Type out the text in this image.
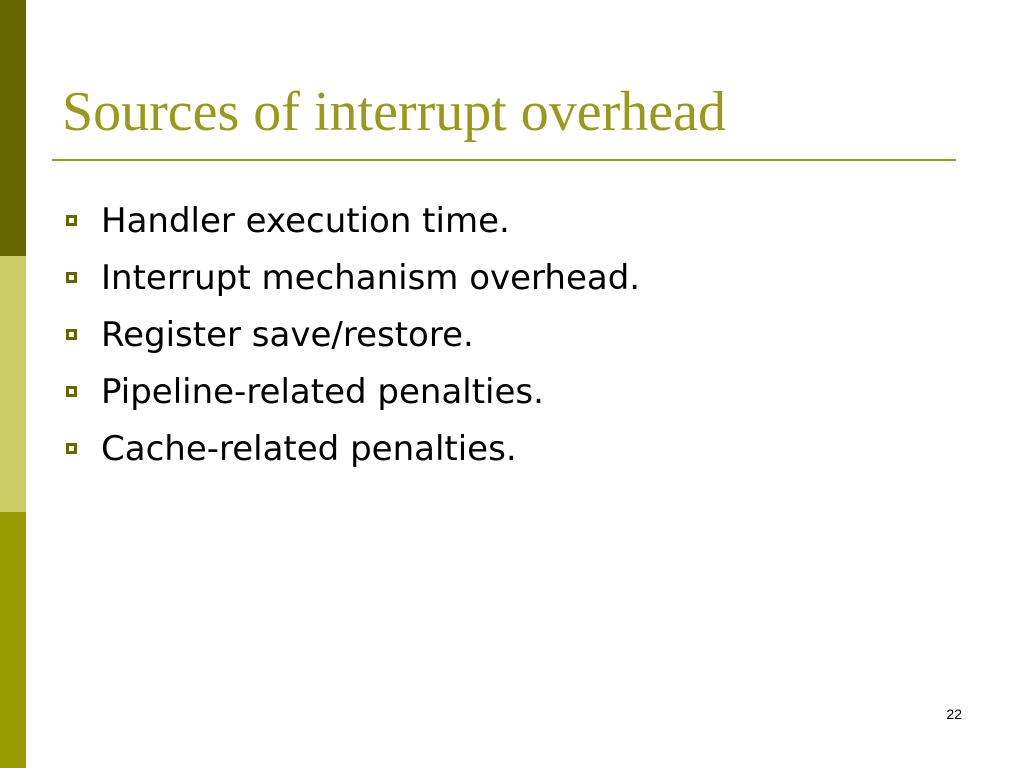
Sources of interrupt overhead
Handler execution time.
Interrupt mechanism overhead.
Register save/restore.
Pipeline-related penalties.
Cache-related penalties.
22
